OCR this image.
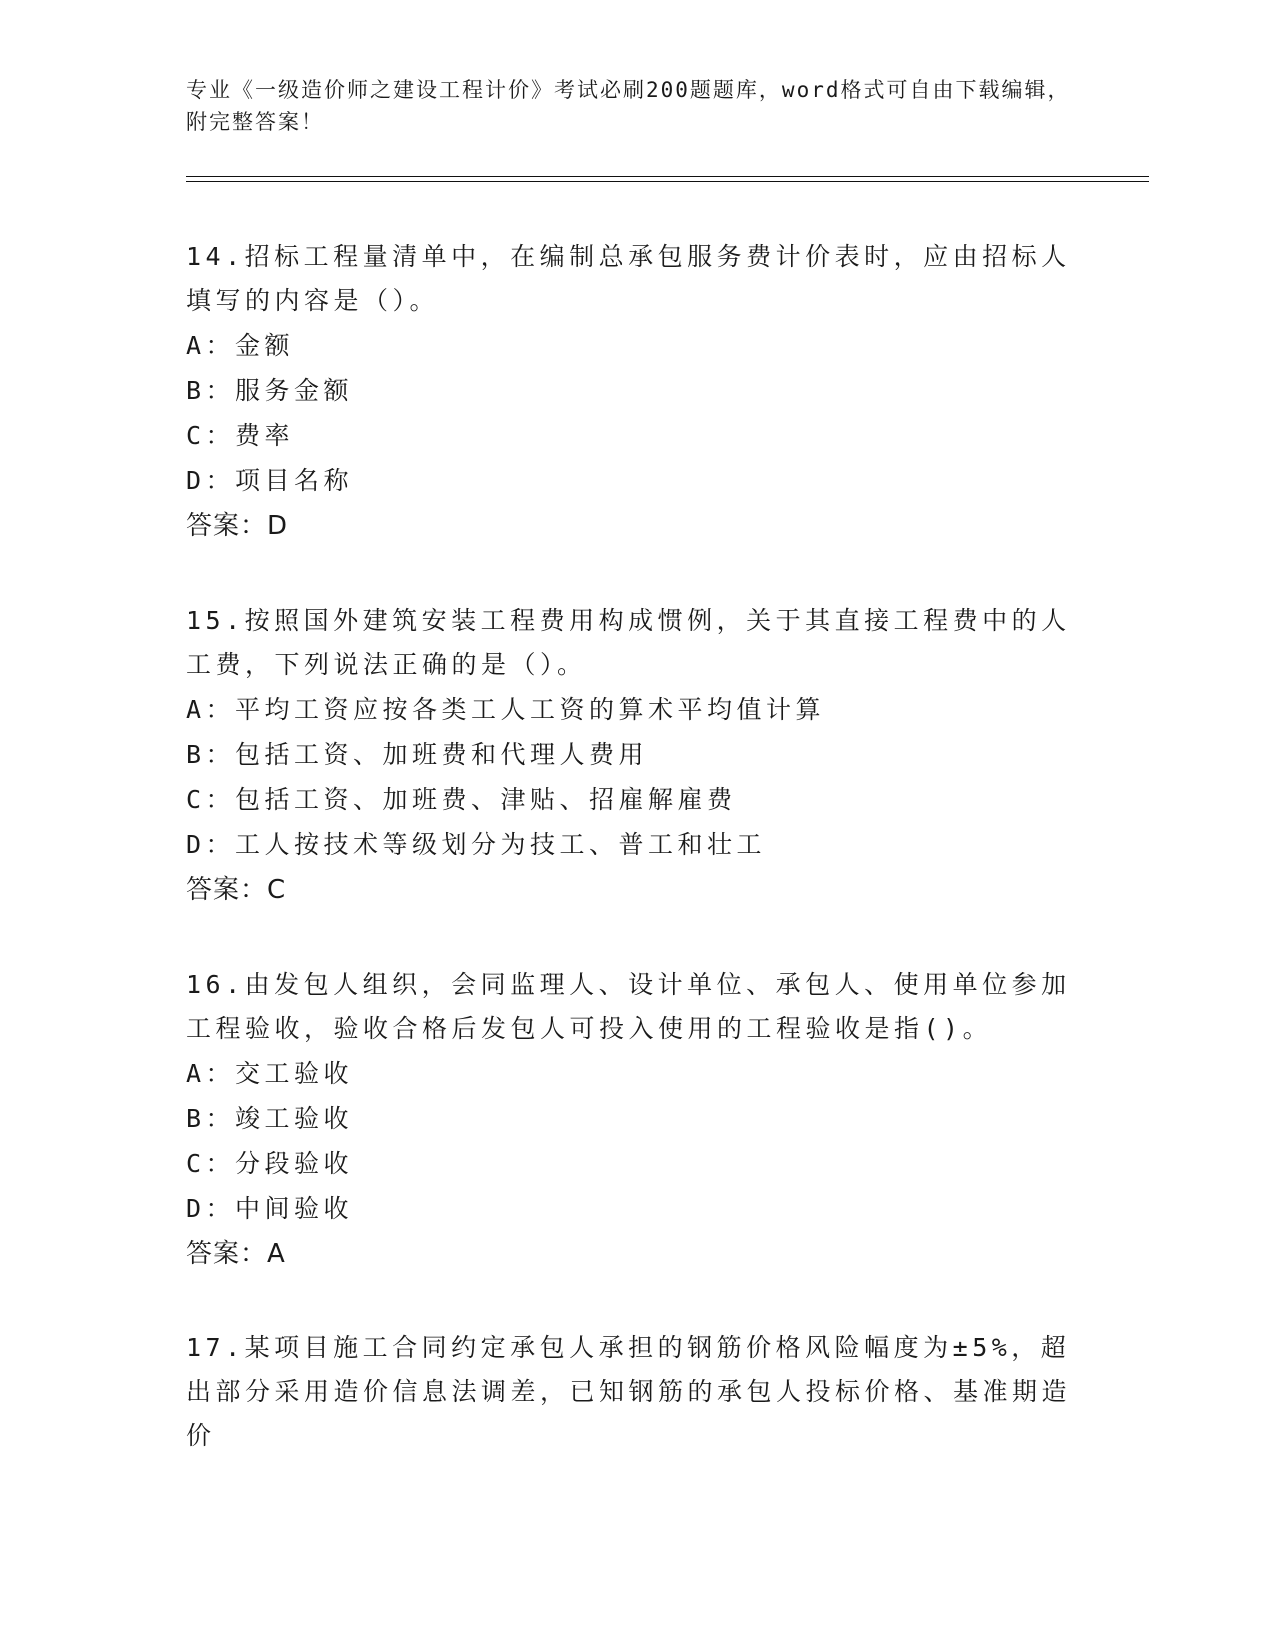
专业《一级造价师之建设工程计价》考试必刷200题题库，word格式可自由下载编辑，附完整答案！

14.招标工程量清单中，在编制总承包服务费计价表时，应由招标人填写的内容是（）。

A：金额

B：服务金额

C：费率

D：项目名称

答案：D

15.按照国外建筑安装工程费用构成惯例，关于其直接工程费中的人工费，下列说法正确的是（）。

A：平均工资应按各类工人工资的算术平均值计算

B：包括工资、加班费和代理人费用

C：包括工资、加班费、津贴、招雇解雇费

D：工人按技术等级划分为技工、普工和壮工

答案：C

16.由发包人组织，会同监理人、设计单位、承包人、使用单位参加工程验收，验收合格后发包人可投入使用的工程验收是指()。

A：交工验收

B：竣工验收

C：分段验收

D：中间验收

答案：A

17.某项目施工合同约定承包人承担的钢筋价格风险幅度为±5%，超出部分采用造价信息法调差，已知钢筋的承包人投标价格、基准期造价
